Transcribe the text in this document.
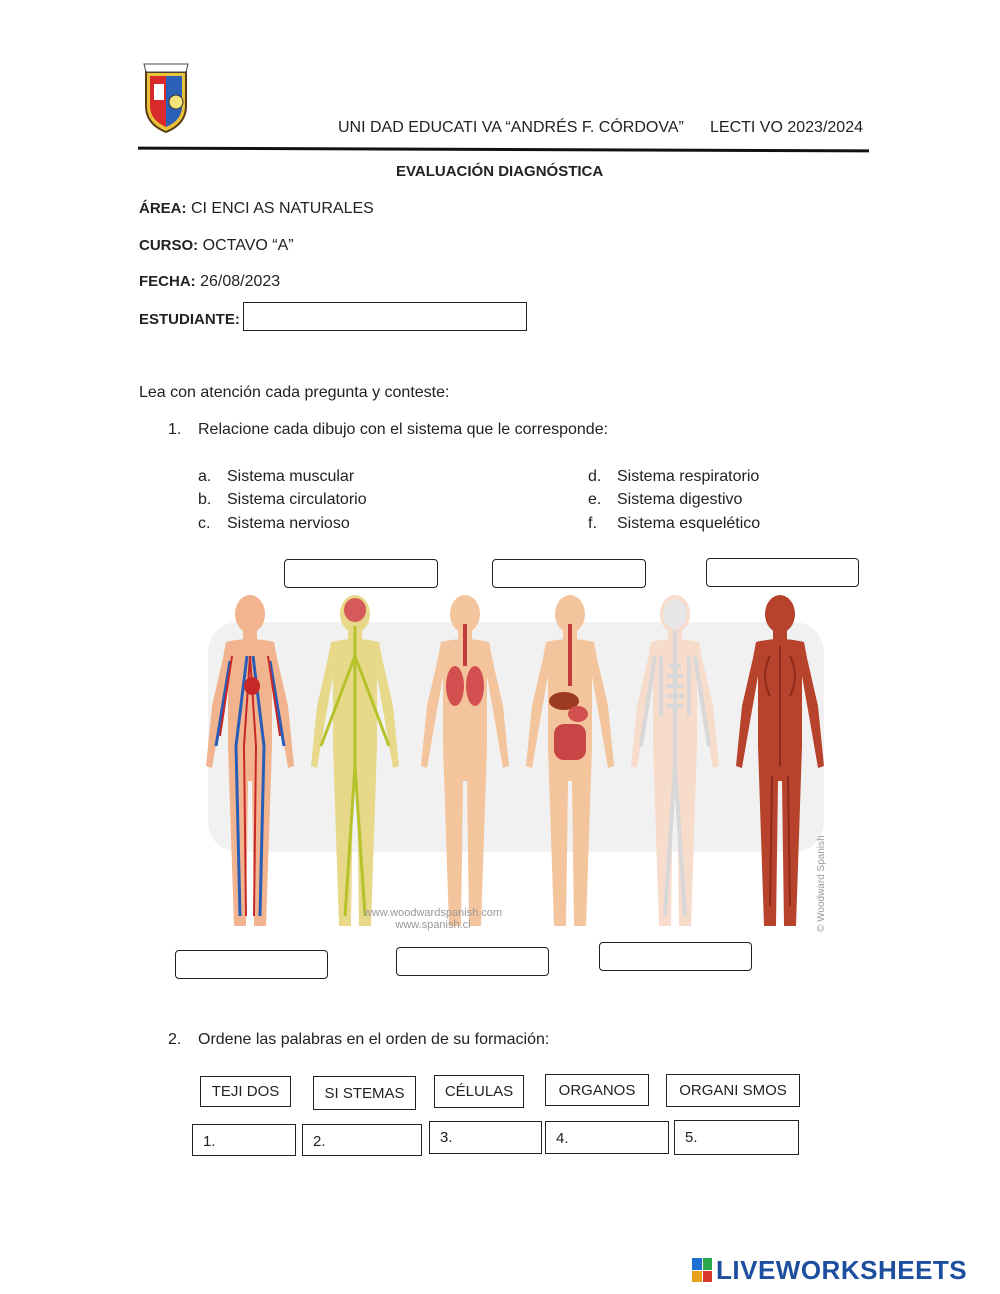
UNI DAD EDUCATI VA “ANDRÉS F. CÓRDOVA” LECTI VO 2023/2024
EVALUACIÓN DIAGNÓSTICA
ÁREA: CI ENCI AS NATURALES
CURSO: OCTAVO “A”
FECHA: 26/08/2023
ESTUDIANTE:
Lea con atención cada pregunta y conteste:
1. Relacione cada dibujo con el sistema que le corresponde:
a. Sistema muscular
b. Sistema circulatorio
c. Sistema nervioso
d. Sistema respiratorio
e. Sistema digestivo
f. Sistema esquelético
www.woodwardspanish.com
www.spanish.cl	© Woodward Spanish
2. Ordene las palabras en el orden de su formación:
TEJI DOS	SI STEMAS	CÉLULAS	ORGANOS	ORGANI SMOS
1.	2.	3.	4.	5.
LIVEWORKSHEETS
